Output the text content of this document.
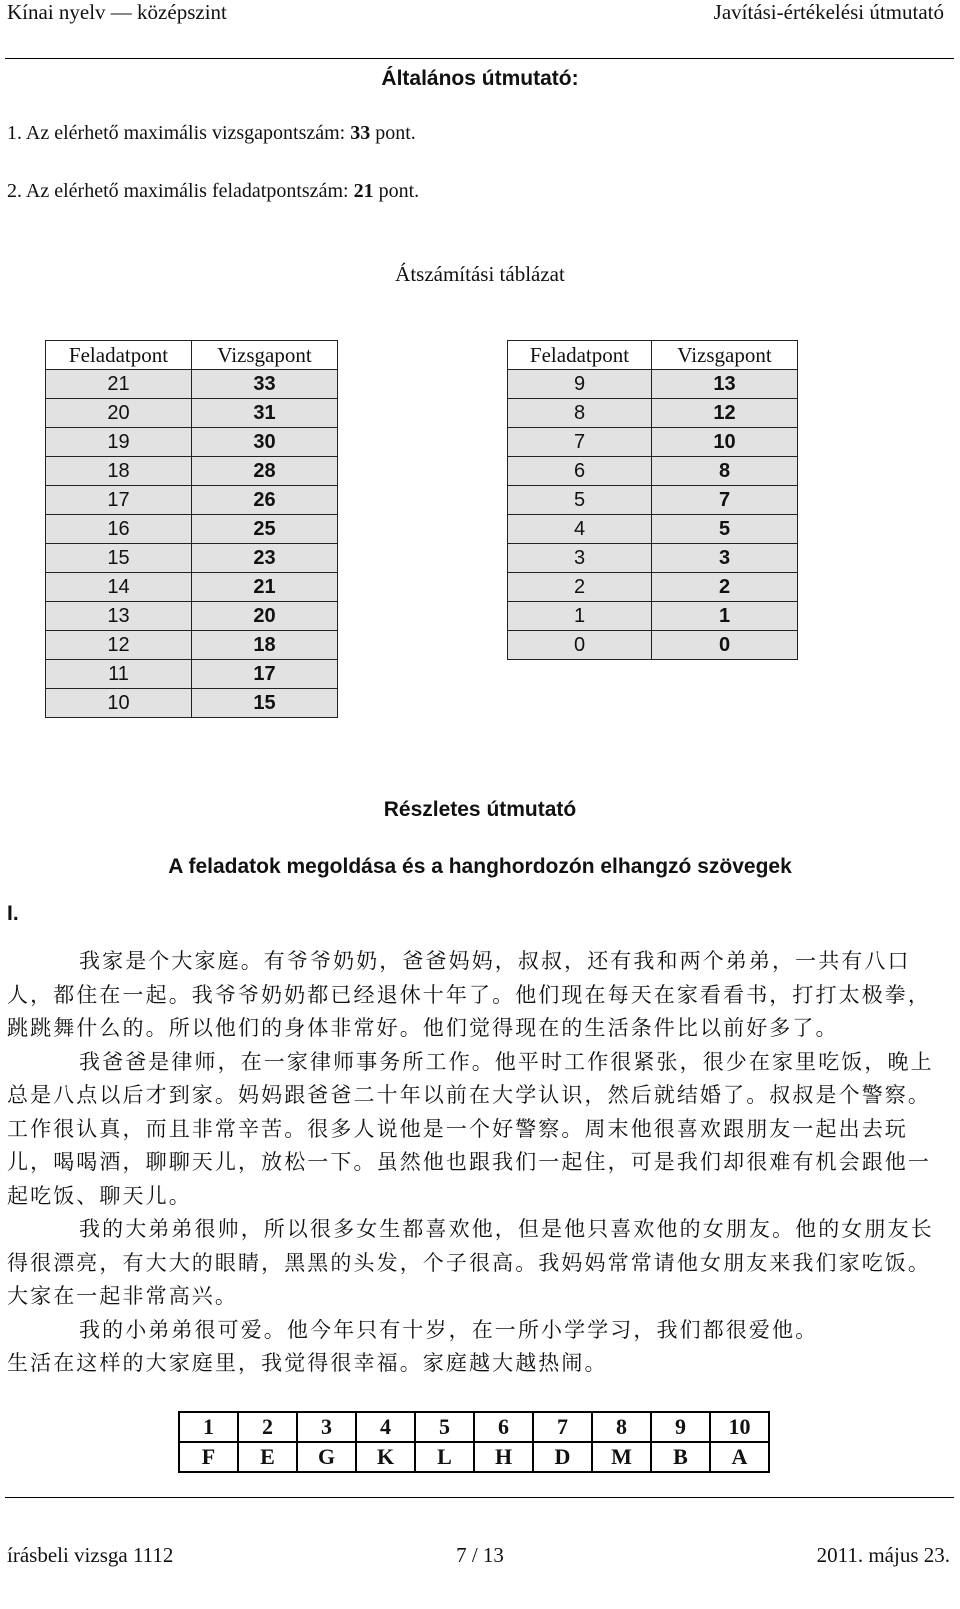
Kínai nyelv — középszint	Javítási-értékelési útmutató
Általános útmutató:
1. Az elérhető maximális vizsgapontszám: 33 pont.
2. Az elérhető maximális feladatpontszám: 21 pont.
Átszámítási táblázat
Feladatpont	Vizsgapont
21	33
20	31
19	30
18	28
17	26
16	25
15	23
14	21
13	20
12	18
11	17
10	15
Feladatpont	Vizsgapont
9	13
8	12
7	10
6	8
5	7
4	5
3	3
2	2
1	1
0	0
Részletes útmutató
A feladatok megoldása és a hanghordozón elhangzó szövegek
I.

我家是个大家庭。有爷爷奶奶，爸爸妈妈，叔叔，还有我和两个弟弟，一共有八口人，都住在一起。我爷爷奶奶都已经退休十年了。他们现在每天在家看看书，打打太极拳，跳跳舞什么的。所以他们的身体非常好。他们觉得现在的生活条件比以前好多了。

我爸爸是律师，在一家律师事务所工作。他平时工作很紧张，很少在家里吃饭，晚上总是八点以后才到家。妈妈跟爸爸二十年以前在大学认识，然后就结婚了。叔叔是个警察。工作很认真，而且非常辛苦。很多人说他是一个好警察。周末他很喜欢跟朋友一起出去玩儿，喝喝酒，聊聊天儿，放松一下。虽然他也跟我们一起住，可是我们却很难有机会跟他一起吃饭、聊天儿。

我的大弟弟很帅，所以很多女生都喜欢他，但是他只喜欢他的女朋友。他的女朋友长得很漂亮，有大大的眼睛，黑黑的头发，个子很高。我妈妈常常请他女朋友来我们家吃饭。大家在一起非常高兴。

我的小弟弟很可爱。他今年只有十岁，在一所小学学习，我们都很爱他。

生活在这样的大家庭里，我觉得很幸福。家庭越大越热闹。

1	2	3	4	5	6	7	8	9	10
F	E	G	K	L	H	D	M	B	A
írásbeli vizsga 1112	7 / 13	2011. május 23.
